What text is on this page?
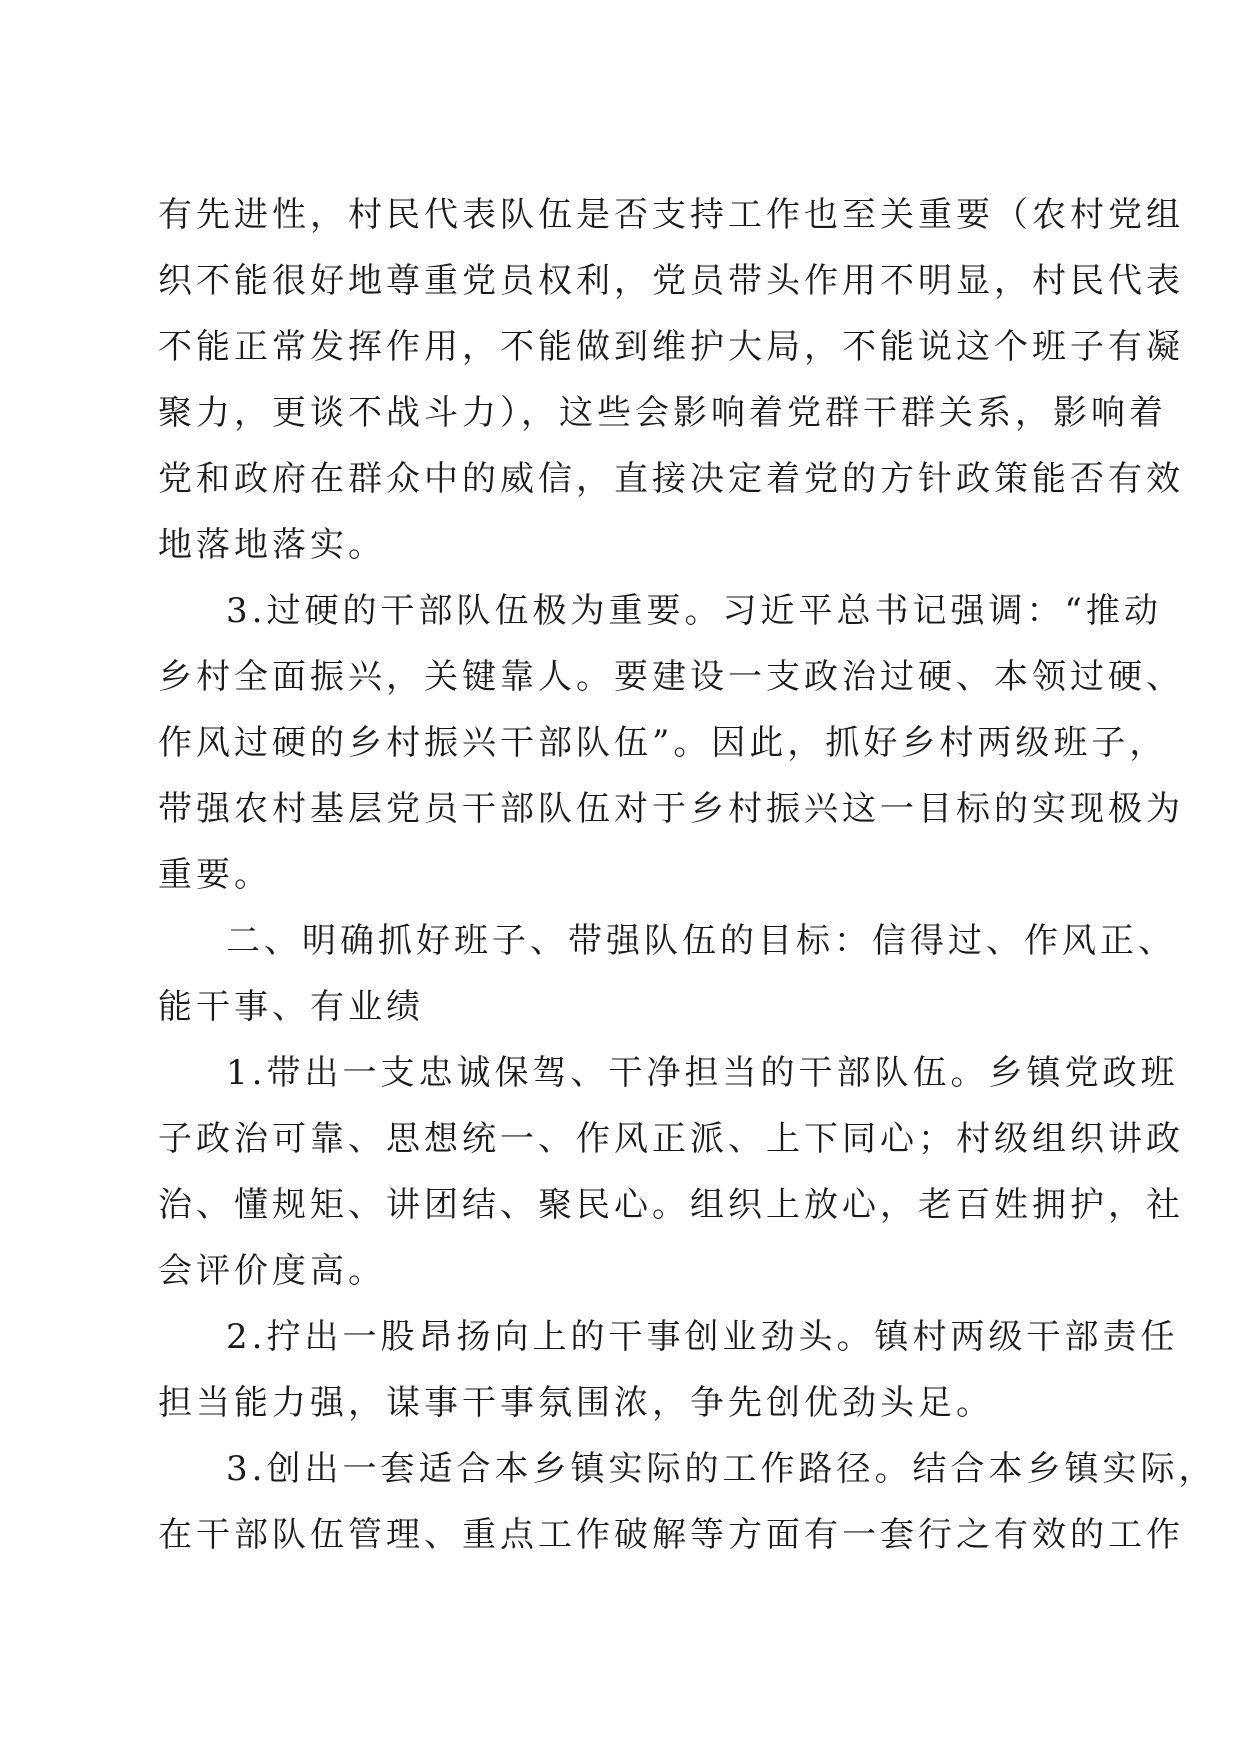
有先进性，村民代表队伍是否支持工作也至关重要（农村党组
织不能很好地尊重党员权利，党员带头作用不明显，村民代表
不能正常发挥作用，不能做到维护大局，不能说这个班子有凝
聚力，更谈不战斗力），这些会影响着党群干群关系，影响着
党和政府在群众中的威信，直接决定着党的方针政策能否有效
地落地落实。
3.过硬的干部队伍极为重要。习近平总书记强调：“推动
乡村全面振兴，关键靠人。要建设一支政治过硬、本领过硬、
作风过硬的乡村振兴干部队伍”。因此，抓好乡村两级班子，
带强农村基层党员干部队伍对于乡村振兴这一目标的实现极为
重要。
二、明确抓好班子、带强队伍的目标：信得过、作风正、
能干事、有业绩
1.带出一支忠诚保驾、干净担当的干部队伍。乡镇党政班
子政治可靠、思想统一、作风正派、上下同心；村级组织讲政
治、懂规矩、讲团结、聚民心。组织上放心，老百姓拥护，社
会评价度高。
2.拧出一股昂扬向上的干事创业劲头。镇村两级干部责任
担当能力强，谋事干事氛围浓，争先创优劲头足。
3.创出一套适合本乡镇实际的工作路径。结合本乡镇实际，
在干部队伍管理、重点工作破解等方面有一套行之有效的工作
